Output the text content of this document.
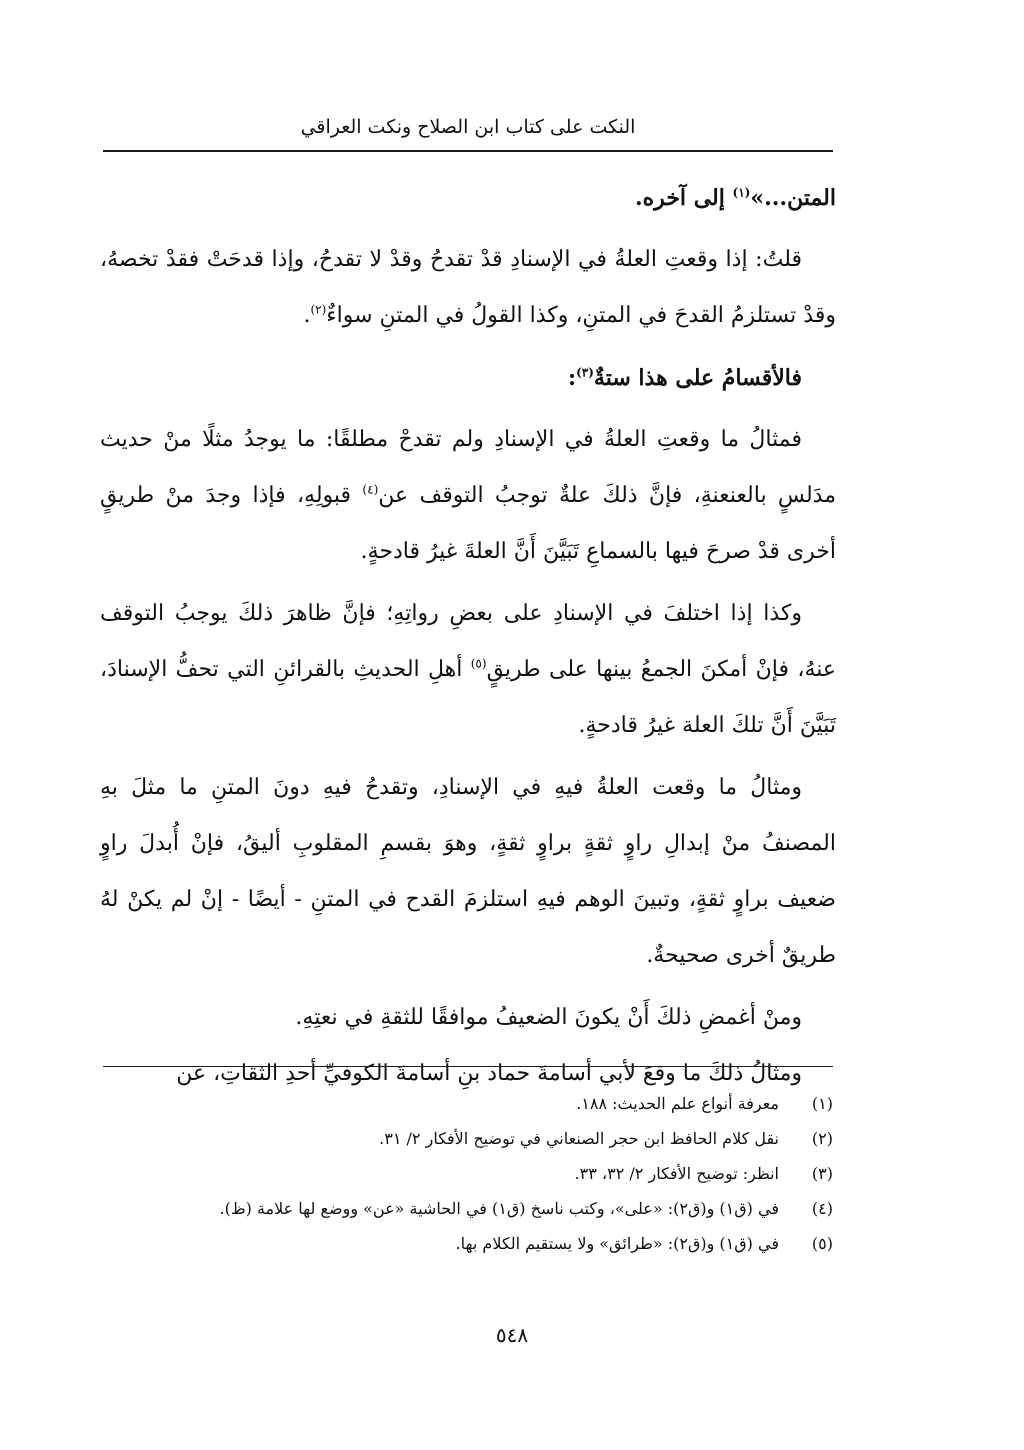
النكت على كتاب ابن الصلاح ونكت العراقي

المتن...»$^{(١)}$ إلى آخره.

قلتُ: إذا وقعتِ العلةُ في الإسنادِ قدْ تقدحُ وقدْ لا تقدحُ، وإذا قدحَتْ فقدْ تخصهُ، وقدْ تستلزمُ القدحَ في المتنِ، وكذا القولُ في المتنِ سواءٌ$^{(٢)}$.

فالأقسامُ على هذا ستةٌ$^{(٣)}$:

فمثالُ ما وقعتِ العلةُ في الإسنادِ ولم تقدحْ مطلقًا: ما يوجدُ مثلًا منْ حديث مدَلسٍ بالعنعنةِ، فإنَّ ذلكَ علةٌ توجبُ التوقف عن$^{(٤)}$ قبولِهِ، فإذا وجدَ منْ طريقٍ أخرى قدْ صرحَ فيها بالسماعِ تَبَيَّنَ أَنَّ العلةَ غيرُ قادحةٍ.

وكذا إذا اختلفَ في الإسنادِ على بعضِ رواتِهِ؛ فإنَّ ظاهرَ ذلكَ يوجبُ التوقف عنهُ، فإنْ أمكنَ الجمعُ بينها على طريقٍ$^{(٥)}$ أهلِ الحديثِ بالقرائنِ التي تحفُّ الإسنادَ، تَبَيَّنَ أَنَّ تلكَ العلة غيرُ قادحةٍ.

ومثالُ ما وقعت العلةُ فيهِ في الإسنادِ، وتقدحُ فيهِ دونَ المتنِ ما مثلَ بهِ المصنفُ منْ إبدالِ راوٍ ثقةٍ براوٍ ثقةٍ، وهوَ بقسمِ المقلوبِ أليقُ، فإنْ أُبدلَ راوٍ ضعيف براوٍ ثقةٍ، وتبينَ الوهم فيهِ استلزمَ القدح في المتنِ - أيضًا - إنْ لم يكنْ لهُ طريقٌ أخرى صحيحةٌ.

ومنْ أغمضِ ذلكَ أَنْ يكونَ الضعيفُ موافقًا للثقةِ في نعتِهِ.

ومثالُ ذلكَ ما وقعَ لأبي أسامةَ حماد بنِ أسامةَ الكوفيِّ أحدِ الثقاتِ، عن

(١)
معرفة أنواع علم الحديث: ١٨٨.
(٢)
نقل كلام الحافظ ابن حجر الصنعاني في توضيح الأفكار ٢/ ٣١.
(٣)
انظر: توضيح الأفكار ٢/ ٣٢، ٣٣.
(٤)
في (ق١) و(ق٢): «على»، وكتب ناسخ (ق١) في الحاشية «عن» ووضع لها علامة (ظ).
(٥)
في (ق١) و(ق٢): «طرائق» ولا يستقيم الكلام بها.
٥٤٨
